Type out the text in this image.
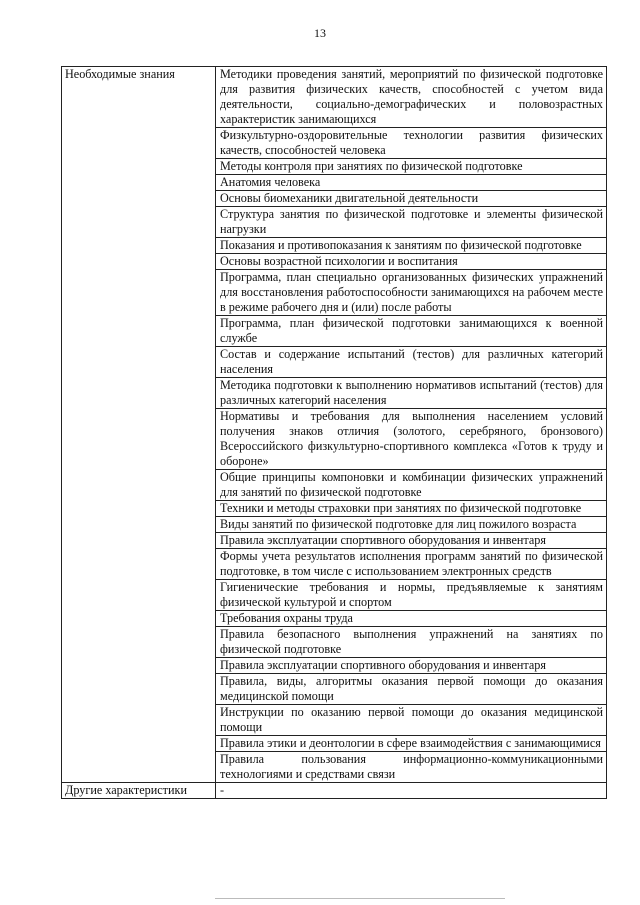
13
Необходимые знания	Методики проведения занятий, мероприятий по физической подготовке для развития физических качеств, способностей с учетом вида деятельности, социально-демографических и половозрастных характеристик занимающихся
	Физкультурно-оздоровительные технологии развития физических качеств, способностей человека
	Методы контроля при занятиях по физической подготовке
	Анатомия человека
	Основы биомеханики двигательной деятельности
	Структура занятия по физической подготовке и элементы физической нагрузки
	Показания и противопоказания к занятиям по физической подготовке
	Основы возрастной психологии и воспитания
	Программа, план специально организованных физических упражнений для восстановления работоспособности занимающихся на рабочем месте в режиме рабочего дня и (или) после работы
	Программа, план физической подготовки занимающихся к военной службе
	Состав и содержание испытаний (тестов) для различных категорий населения
	Методика подготовки к выполнению нормативов испытаний (тестов) для различных категорий населения
	Нормативы и требования для выполнения населением условий получения знаков отличия (золотого, серебряного, бронзового) Всероссийского физкультурно-спортивного комплекса «Готов к труду и обороне»
	Общие принципы компоновки и комбинации физических упражнений для занятий по физической подготовке
	Техники и методы страховки при занятиях по физической подготовке
	Виды занятий по физической подготовке для лиц пожилого возраста
	Правила эксплуатации спортивного оборудования и инвентаря
	Формы учета результатов исполнения программ занятий по физической подготовке, в том числе с использованием электронных средств
	Гигиенические требования и нормы, предъявляемые к занятиям физической культурой и спортом
	Требования охраны труда
	Правила безопасного выполнения упражнений на занятиях по физической подготовке
	Правила эксплуатации спортивного оборудования и инвентаря
	Правила, виды, алгоритмы оказания первой помощи до оказания медицинской помощи
	Инструкции по оказанию первой помощи до оказания медицинской помощи
	Правила этики и деонтологии в сфере взаимодействия с занимающимися
	Правила пользования информационно-коммуникационными технологиями и средствами связи
Другие характеристики	-
